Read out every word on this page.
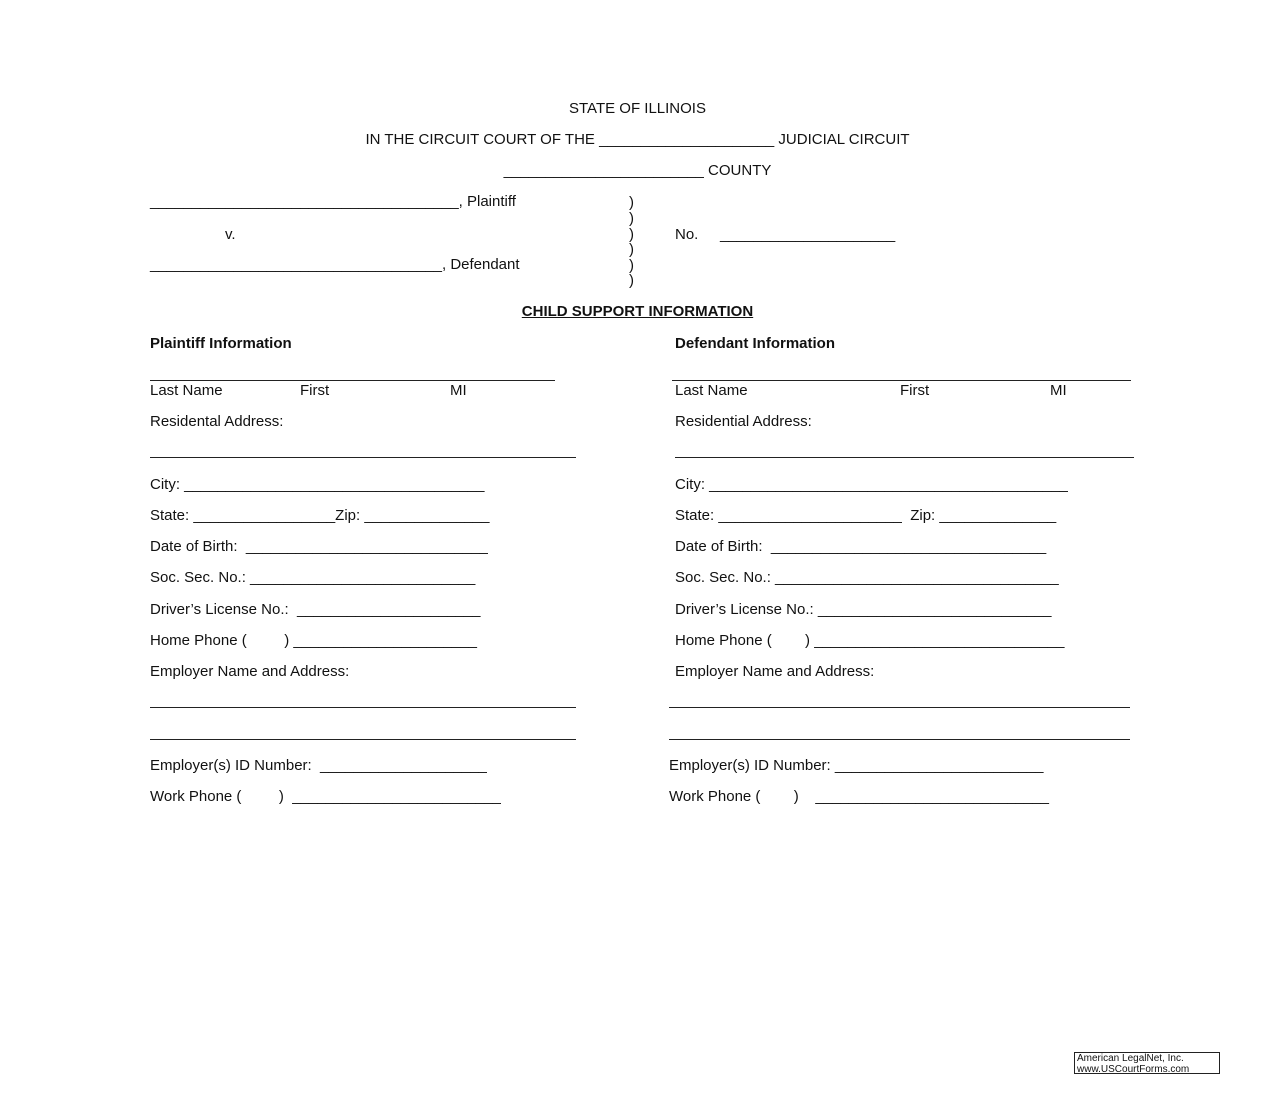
STATE OF ILLINOIS
IN THE CIRCUIT COURT OF THE _____________________ JUDICIAL CIRCUIT
________________________ COUNTY
_____________________________________, Plaintiff
v.
___________________________________, Defendant
)
)
)
)
)
)
No. _____________________
CHILD SUPPORT INFORMATION
Plaintiff Information
Last Name	First	MI
Residental Address:
City: ____________________________________
State: _________________Zip: _______________
Date of Birth:  _____________________________
Soc. Sec. No.: ___________________________
Driver’s License No.:  ______________________
Home Phone (         ) ______________________
Employer Name and Address:
Employer(s) ID Number:  ____________________
Work Phone (         )  _________________________
Defendant Information
Last Name	First	MI
Residential Address:
City: ___________________________________________
State: ______________________  Zip: ______________
Date of Birth:  _________________________________
Soc. Sec. No.: __________________________________
Driver’s License No.: ____________________________
Home Phone (        ) ______________________________
Employer Name and Address:
Employer(s) ID Number: _________________________
Work Phone (        )    ____________________________
American LegalNet, Inc.
www.USCourtForms.com
